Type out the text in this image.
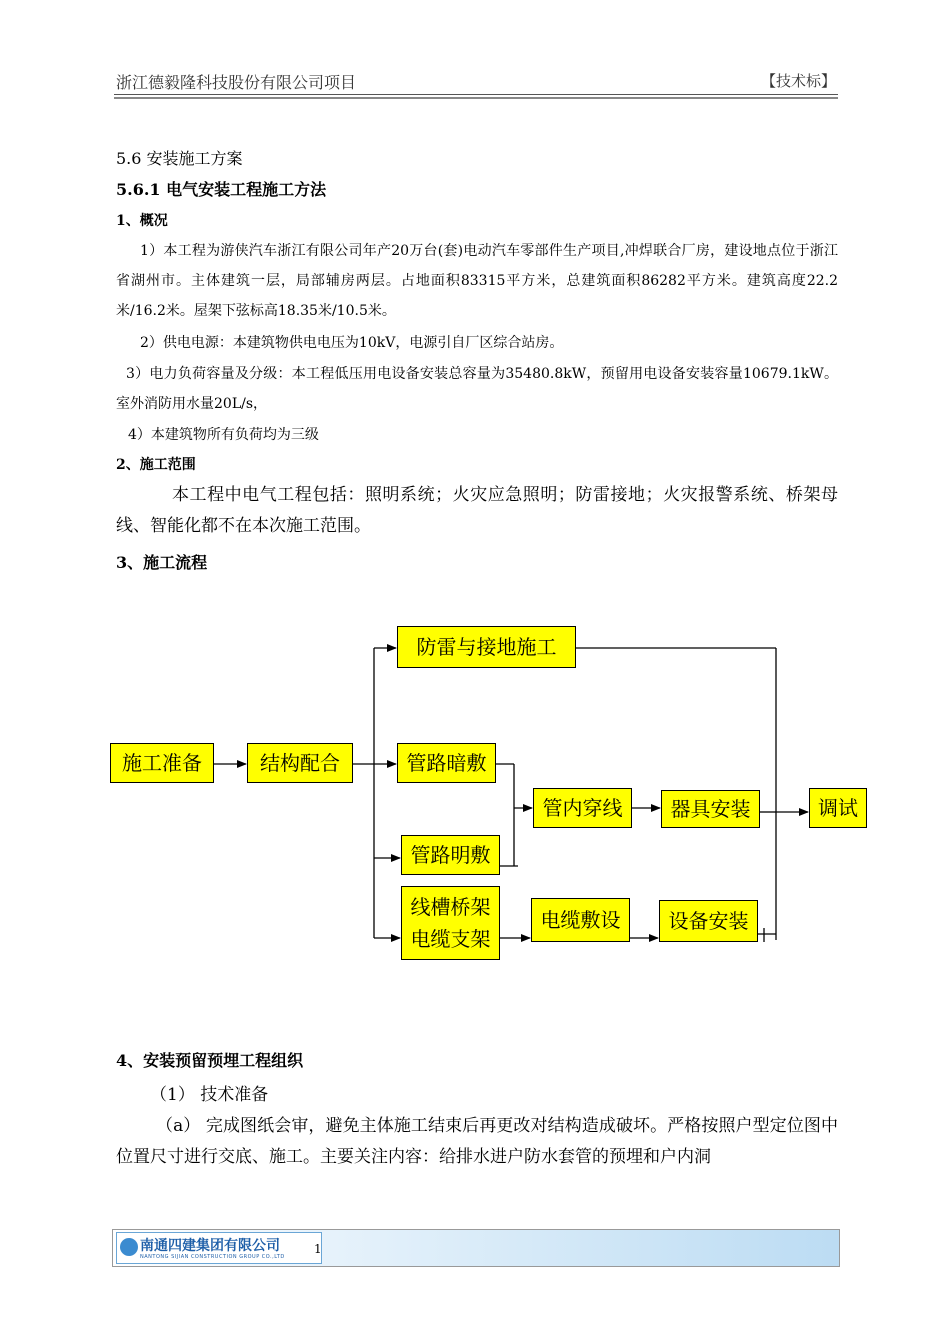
浙江德毅隆科技股份有限公司项目	【技术标】
5.6 安装施工方案
5.6.1 电气安装工程施工方法
1、概况
1）本工程为游侠汽车浙江有限公司年产20万台(套)电动汽车零部件生产项目,冲焊联合厂房，建设地点位于浙江省湖州市。主体建筑一层，局部辅房两层。占地面积83315平方米，总建筑面积86282平方米。建筑高度22.2米/16.2米。屋架下弦标高18.35米/10.5米。
2）供电电源：本建筑物供电电压为10kV，电源引自厂区综合站房。
3）电力负荷容量及分级：本工程低压用电设备安装总容量为35480.8kW，预留用电设备安装容量10679.1kW。室外消防用水量20L/s，
4）本建筑物所有负荷均为三级
2、施工范围
本工程中电气工程包括：照明系统；火灾应急照明；防雷接地；火灾报警系统、桥架母线、智能化都不在本次施工范围。
3、施工流程
施工准备	结构配合
防雷与接地施工
管路暗敷
管路明敷
线槽桥架
电缆支架
管内穿线 器具安装
电缆敷设 设备安装
调试
4、安装预留预埋工程组织
（1） 技术准备
（a） 完成图纸会审，避免主体施工结束后再更改对结构造成破坏。严格按照户型定位图中位置尺寸进行交底、施工。主要关注内容：给排水进户防水套管的预埋和户内洞
南通四建集团有限公司
NANTONG SIJIAN CONSTRUCTION GROUP CO.,LTD
1
